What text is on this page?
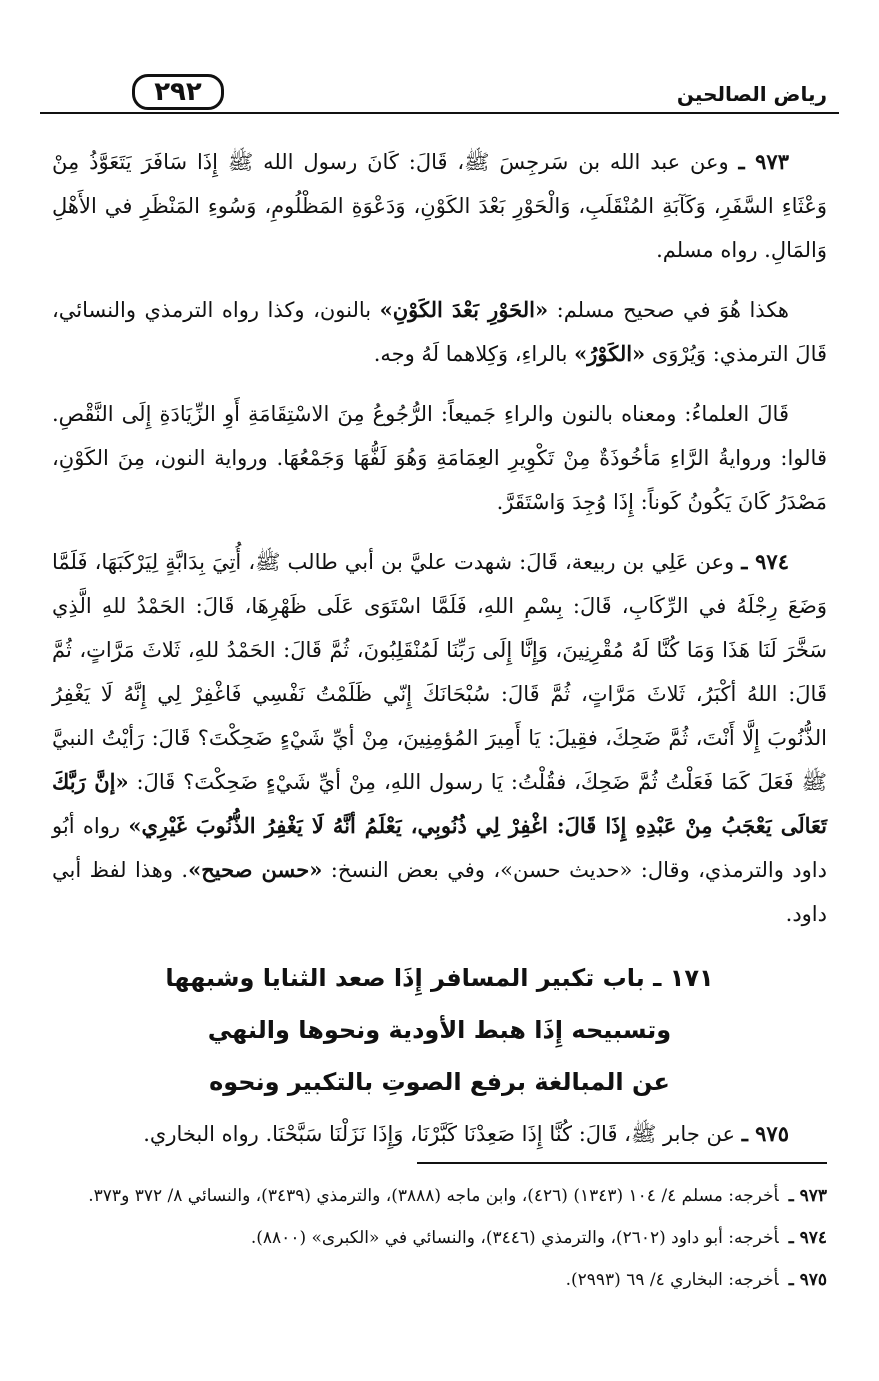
٢٩٢	رياض الصالحين

٩٧٣ ـ وعن عبد الله بن سَرجِسَ ﷺ، قَالَ: كَانَ رسول الله ﷺ إِذَا سَافَرَ يَتَعَوَّذُ مِنْ وَعْثَاءِ السَّفَرِ، وَكَآبَةِ المُنْقَلَبِ، وَالْحَوْرِ بَعْدَ الكَوْنِ، وَدَعْوَةِ المَظْلُومِ، وَسُوءِ المَنْظَرِ في الأَهْلِ وَالمَالِ. رواه مسلم.

هكذا هُوَ في صحيح مسلم: «الحَوْرِ بَعْدَ الكَوْنِ» بالنون، وكذا رواه الترمذي والنسائي، قَالَ الترمذي: وَيُرْوَى «الكَوْرُ» بالراءِ، وَكِلاهما لَهُ وجه.

قَالَ العلماءُ: ومعناه بالنون والراءِ جَميعاً: الرُّجُوعُ مِنَ الاسْتِقَامَةِ أَوِ الزِّيَادَةِ إِلَى النَّقْصِ. قالوا: وروايةُ الرَّاءِ مَأخُوذَةٌ مِنْ تَكْوِيرِ العِمَامَةِ وَهُوَ لَفُّهَا وَجَمْعُهَا. ورواية النون، مِنَ الكَوْنِ، مَصْدَرُ كَانَ يَكُونُ كَوناً: إِذَا وُجِدَ وَاسْتَقَرَّ.

٩٧٤ ـ وعن عَلِي بن ربيعة، قَالَ: شهدت عليَّ بن أبي طالب ﷺ، أُتِيَ بِدَابَّةٍ لِيَرْكَبَهَا، فَلَمَّا وَضَعَ رِجْلَهُ في الرِّكَابِ، قَالَ: بِسْمِ اللهِ، فَلَمَّا اسْتَوَى عَلَى ظَهْرِهَا، قَالَ: الحَمْدُ للهِ الَّذِي سَخَّرَ لَنَا هَذَا وَمَا كُنَّا لَهُ مُقْرِنِينَ، وَإِنَّا إِلَى رَبِّنَا لَمُنْقَلِبُونَ، ثُمَّ قَالَ: الحَمْدُ للهِ، ثَلاثَ مَرَّاتٍ، ثُمَّ قَالَ: اللهُ أكْبَرُ، ثَلاثَ مَرَّاتٍ، ثُمَّ قَالَ: سُبْحَانَكَ إِنّي ظَلَمْتُ نَفْسِي فَاغْفِرْ لِي إِنَّهُ لَا يَغْفِرُ الذُّنُوبَ إِلَّا أَنْتَ، ثُمَّ ضَحِكَ، فقِيلَ: يَا أَمِيرَ المُؤمِنِينَ، مِنْ أيِّ شَيْءٍ ضَحِكْتَ؟ قَالَ: رَأيْتُ النبيَّ ﷺ فَعَلَ كَمَا فَعَلْتُ ثُمَّ ضَحِكَ، فقُلْتُ: يَا رسول اللهِ، مِنْ أيِّ شَيْءٍ ضَحِكْتَ؟ قَالَ: «إنَّ رَبَّكَ تَعَالَى يَعْجَبُ مِنْ عَبْدِهِ إِذَا قَالَ: اغْفِرْ لِي ذُنُوبِي، يَعْلَمُ أنَّهُ لَا يَغْفِرُ الذُّنُوبَ غَيْرِي» رواه أبُو داود والترمذي، وقال: «حديث حسن»، وفي بعض النسخ: «حسن صحيح». وهذا لفظ أبي داود.

١٧١ ـ باب تكبير المسافر إِذَا صعد الثنايا وشبهها
وتسبيحه إِذَا هبط الأودية ونحوها والنهي
عن المبالغة برفع الصوتِ بالتكبير ونحوه

٩٧٥ ـ عن جابر ﷺ، قَالَ: كُنَّا إِذَا صَعِدْنَا كَبَّرْنَا، وَإِذَا نَزَلْنَا سَبَّحْنَا. رواه البخاري.

٩٧٣ ـأخرجه: مسلم ٤/ ١٠٤ (١٣٤٣) (٤٢٦)، وابن ماجه (٣٨٨٨)، والترمذي (٣٤٣٩)، والنسائي ٨/ ٣٧٢ و٣٧٣.
٩٧٤ ـأخرجه: أبو داود (٢٦٠٢)، والترمذي (٣٤٤٦)، والنسائي في «الكبرى» (٨٨٠٠).
٩٧٥ ـأخرجه: البخاري ٤/ ٦٩ (٢٩٩٣).
